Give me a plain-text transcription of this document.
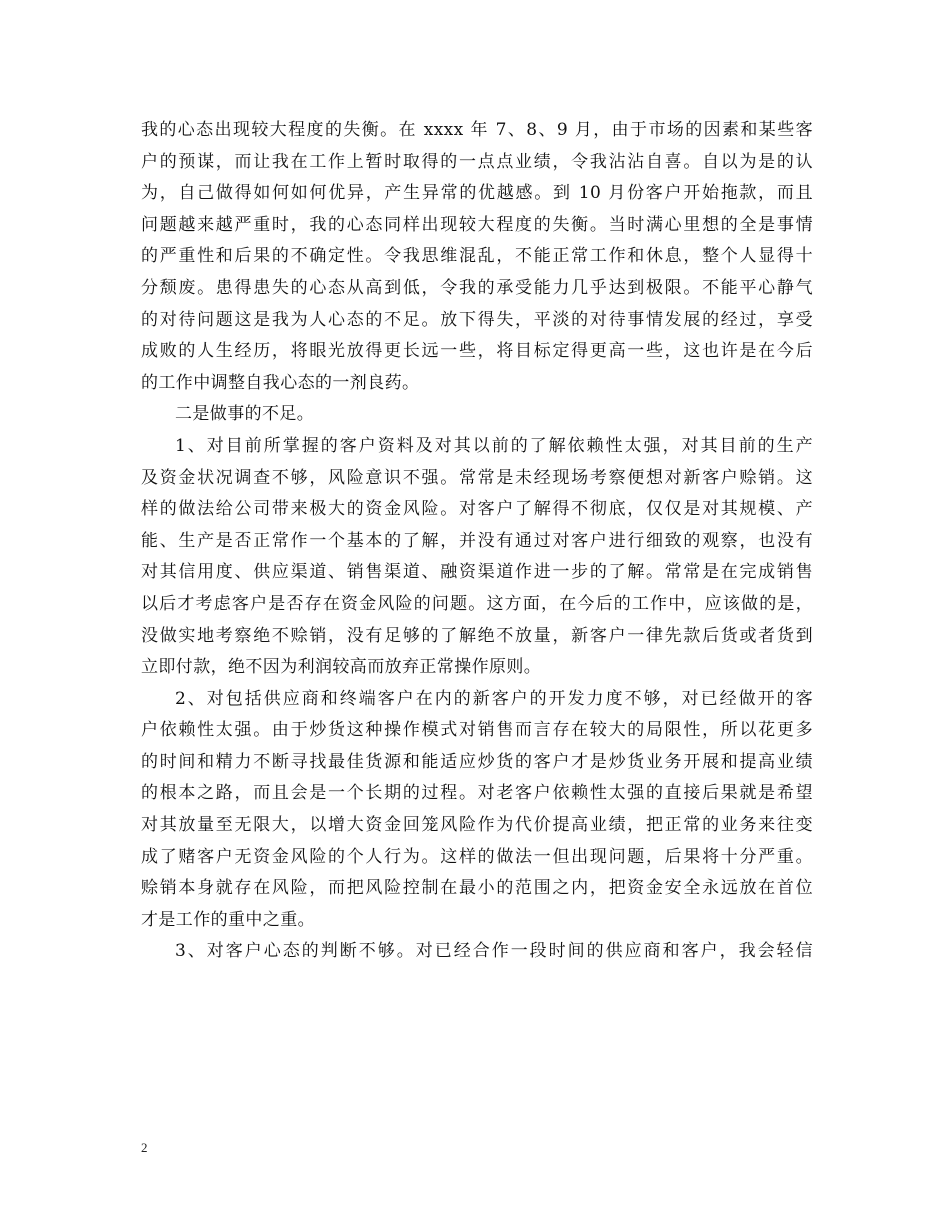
我的心态出现较大程度的失衡。在 xxxx 年 7、8、9 月，由于市场的因素和某些客
户的预谋，而让我在工作上暂时取得的一点点业绩，令我沾沾自喜。自以为是的认
为，自己做得如何如何优异，产生异常的优越感。到 10 月份客户开始拖款，而且
问题越来越严重时，我的心态同样出现较大程度的失衡。当时满心里想的全是事情
的严重性和后果的不确定性。令我思维混乱，不能正常工作和休息，整个人显得十
分颓废。患得患失的心态从高到低，令我的承受能力几乎达到极限。不能平心静气
的对待问题这是我为人心态的不足。放下得失，平淡的对待事情发展的经过，享受
成败的人生经历，将眼光放得更长远一些，将目标定得更高一些，这也许是在今后
的工作中调整自我心态的一剂良药。
二是做事的不足。
1、对目前所掌握的客户资料及对其以前的了解依赖性太强，对其目前的生产
及资金状况调查不够，风险意识不强。常常是未经现场考察便想对新客户赊销。这
样的做法给公司带来极大的资金风险。对客户了解得不彻底，仅仅是对其规模、产
能、生产是否正常作一个基本的了解，并没有通过对客户进行细致的观察，也没有
对其信用度、供应渠道、销售渠道、融资渠道作进一步的了解。常常是在完成销售
以后才考虑客户是否存在资金风险的问题。这方面，在今后的工作中，应该做的是，
没做实地考察绝不赊销，没有足够的了解绝不放量，新客户一律先款后货或者货到
立即付款，绝不因为利润较高而放弃正常操作原则。
2、对包括供应商和终端客户在内的新客户的开发力度不够，对已经做开的客
户依赖性太强。由于炒货这种操作模式对销售而言存在较大的局限性，所以花更多
的时间和精力不断寻找最佳货源和能适应炒货的客户才是炒货业务开展和提高业绩
的根本之路，而且会是一个长期的过程。对老客户依赖性太强的直接后果就是希望
对其放量至无限大，以增大资金回笼风险作为代价提高业绩，把正常的业务来往变
成了赌客户无资金风险的个人行为。这样的做法一但出现问题，后果将十分严重。
赊销本身就存在风险，而把风险控制在最小的范围之内，把资金安全永远放在首位
才是工作的重中之重。
3、对客户心态的判断不够。对已经合作一段时间的供应商和客户，我会轻信
2
